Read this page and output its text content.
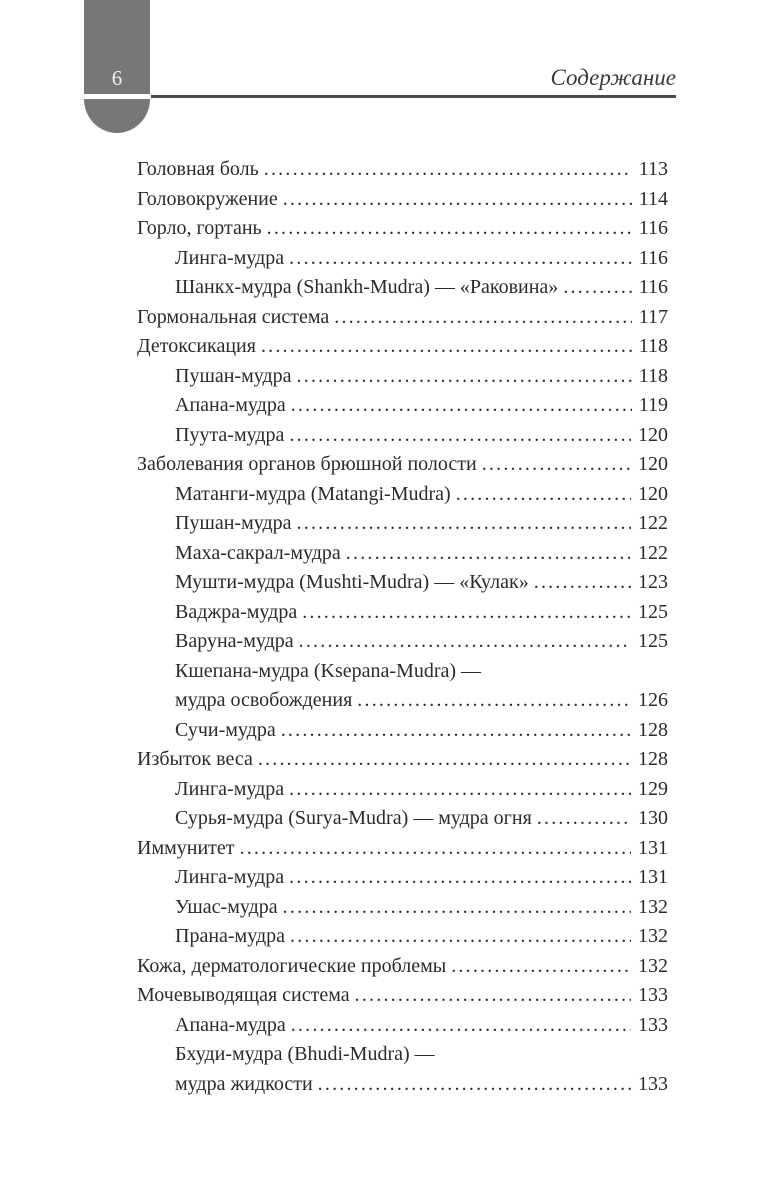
6	Содержание
Головная боль .....	113
Головокружение .....	114
Горло, гортань .....	116
Линга-мудра .....	116
Шанкх-мудра (Shankh-Mudra) — «Раковина» .....	116
Гормональная система .....	117
Детоксикация .....	118
Пушан-мудра .....	118
Апана-мудра .....	119
Пуута-мудра .....	120
Заболевания органов брюшной полости .....	120
Матанги-мудра (Matangi-Mudra) .....	120
Пушан-мудра .....	122
Маха-сакрал-мудра .....	122
Мушти-мудра (Mushti-Mudra) — «Кулак» .....	123
Ваджра-мудра .....	125
Варуна-мудра .....	125
Кшепана-мудра (Ksepana-Mudra) —
мудра освобождения .....	126
Сучи-мудра .....	128
Избыток веса .....	128
Линга-мудра .....	129
Сурья-мудра (Surya-Mudra) — мудра огня .....	130
Иммунитет .....	131
Линга-мудра .....	131
Ушас-мудра .....	132
Прана-мудра .....	132
Кожа, дерматологические проблемы .....	132
Мочевыводящая система .....	133
Апана-мудра .....	133
Бхуди-мудра (Bhudi-Mudra) —
мудра жидкости .....	133
